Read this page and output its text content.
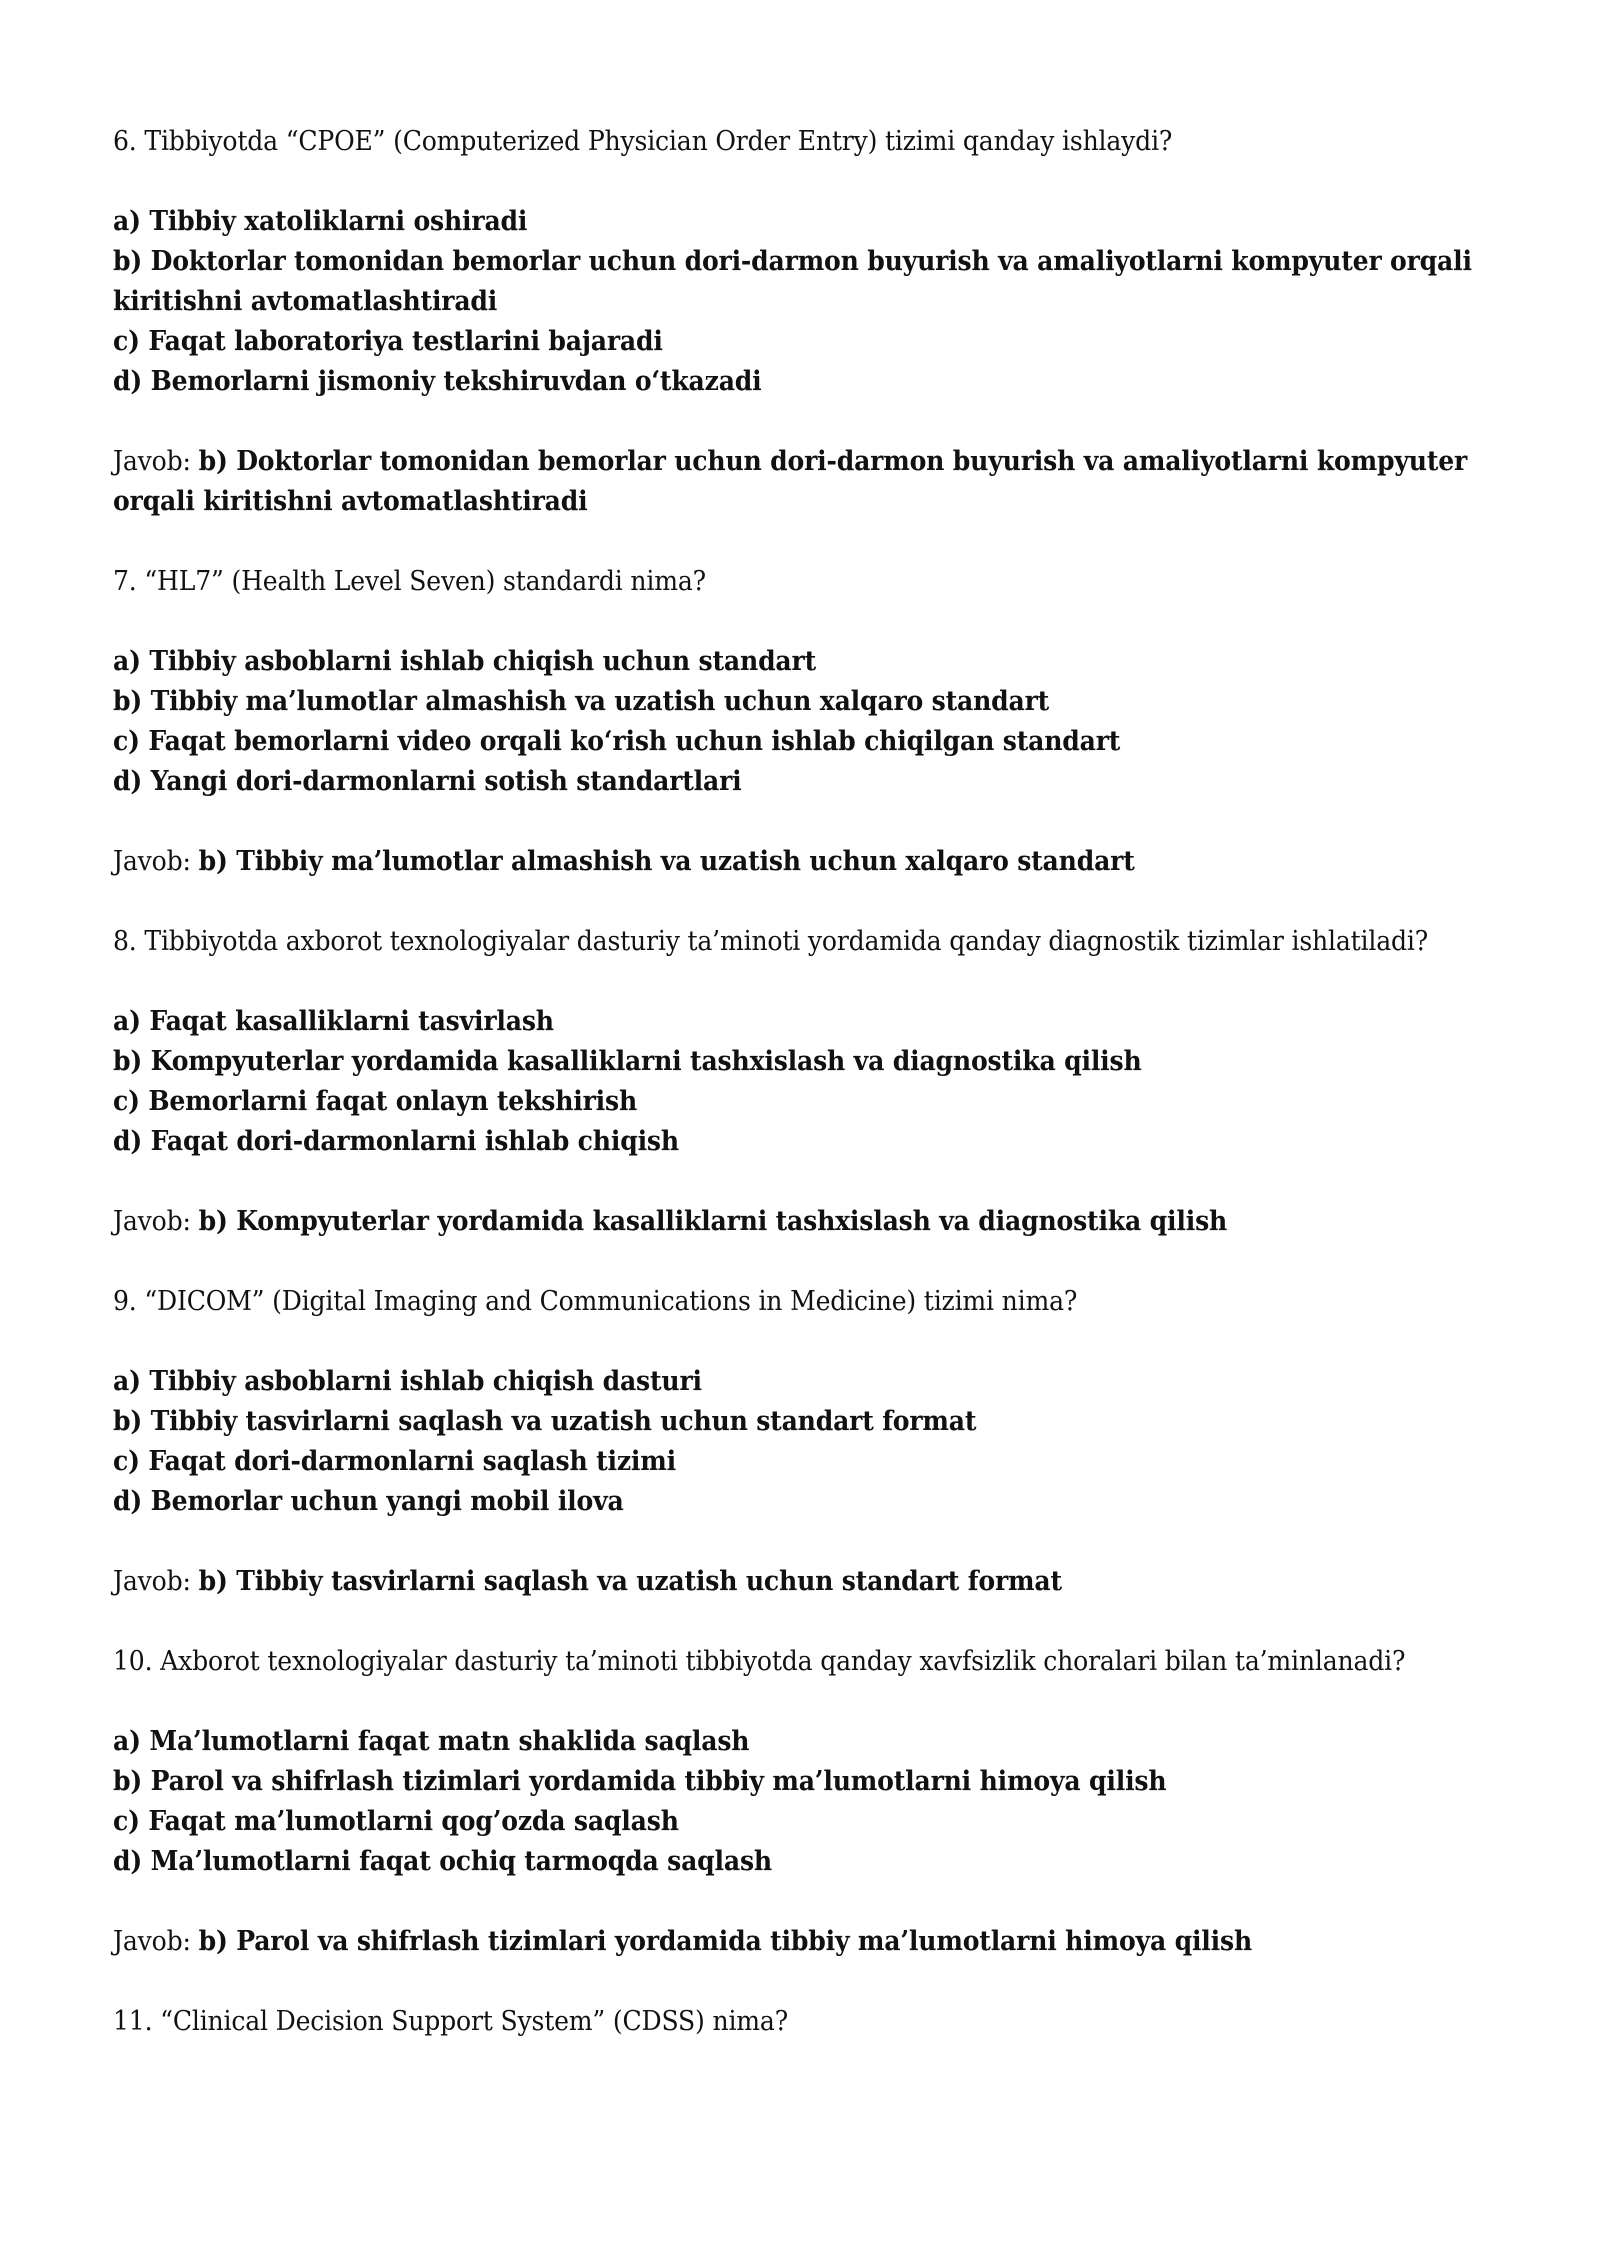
6. Tibbiyotda “CPOE” (Computerized Physician Order Entry) tizimi qanday ishlaydi?

a) Tibbiy xatoliklarni oshiradi

b) Doktorlar tomonidan bemorlar uchun dori-darmon buyurish va amaliyotlarni kompyuter orqali kiritishni avtomatlashtiradi

c) Faqat laboratoriya testlarini bajaradi

d) Bemorlarni jismoniy tekshiruvdan o‘tkazadi

Javob: b) Doktorlar tomonidan bemorlar uchun dori-darmon buyurish va amaliyotlarni kompyuter orqali kiritishni avtomatlashtiradi

7. “HL7” (Health Level Seven) standardi nima?

a) Tibbiy asboblarni ishlab chiqish uchun standart

b) Tibbiy ma’lumotlar almashish va uzatish uchun xalqaro standart

c) Faqat bemorlarni video orqali ko‘rish uchun ishlab chiqilgan standart

d) Yangi dori-darmonlarni sotish standartlari

Javob: b) Tibbiy ma’lumotlar almashish va uzatish uchun xalqaro standart

8. Tibbiyotda axborot texnologiyalar dasturiy ta’minoti yordamida qanday diagnostik tizimlar ishlatiladi?

a) Faqat kasalliklarni tasvirlash

b) Kompyuterlar yordamida kasalliklarni tashxislash va diagnostika qilish

c) Bemorlarni faqat onlayn tekshirish

d) Faqat dori-darmonlarni ishlab chiqish

Javob: b) Kompyuterlar yordamida kasalliklarni tashxislash va diagnostika qilish

9. “DICOM” (Digital Imaging and Communications in Medicine) tizimi nima?

a) Tibbiy asboblarni ishlab chiqish dasturi

b) Tibbiy tasvirlarni saqlash va uzatish uchun standart format

c) Faqat dori-darmonlarni saqlash tizimi

d) Bemorlar uchun yangi mobil ilova

Javob: b) Tibbiy tasvirlarni saqlash va uzatish uchun standart format

10. Axborot texnologiyalar dasturiy ta’minoti tibbiyotda qanday xavfsizlik choralari bilan ta’minlanadi?

a) Ma’lumotlarni faqat matn shaklida saqlash

b) Parol va shifrlash tizimlari yordamida tibbiy ma’lumotlarni himoya qilish

c) Faqat ma’lumotlarni qog’ozda saqlash

d) Ma’lumotlarni faqat ochiq tarmoqda saqlash

Javob: b) Parol va shifrlash tizimlari yordamida tibbiy ma’lumotlarni himoya qilish

11. “Clinical Decision Support System” (CDSS) nima?
